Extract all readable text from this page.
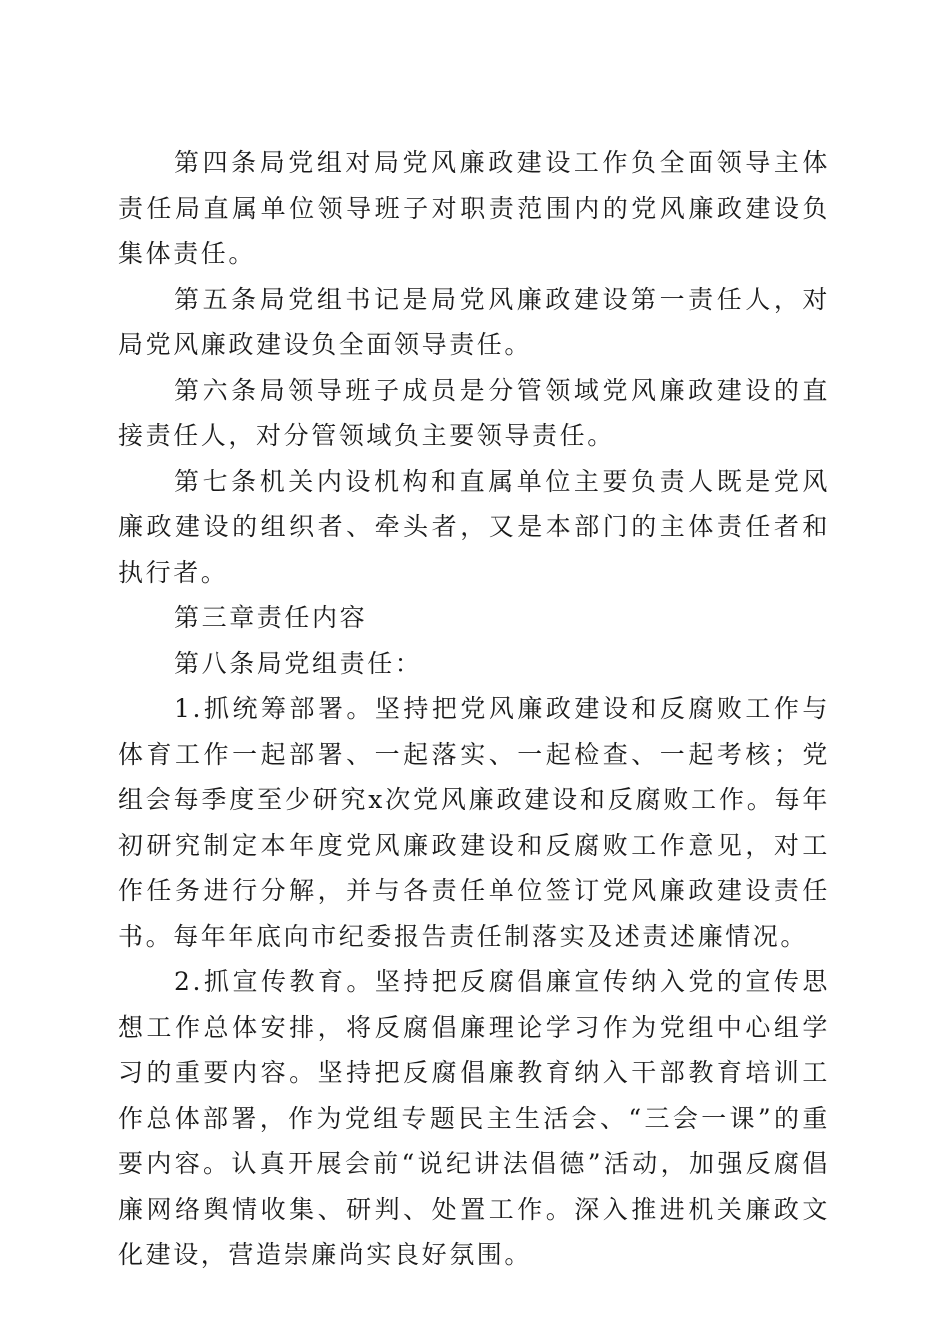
第四条局党组对局党风廉政建设工作负全面领导主体责任局直属单位领导班子对职责范围内的党风廉政建设负集体责任。

第五条局党组书记是局党风廉政建设第一责任人，对局党风廉政建设负全面领导责任。

第六条局领导班子成员是分管领域党风廉政建设的直接责任人，对分管领域负主要领导责任。

第七条机关内设机构和直属单位主要负责人既是党风廉政建设的组织者、牵头者，又是本部门的主体责任者和执行者。

第三章责任内容

第八条局党组责任：

1.抓统筹部署。坚持把党风廉政建设和反腐败工作与体育工作一起部署、一起落实、一起检查、一起考核；党组会每季度至少研究x次党风廉政建设和反腐败工作。每年初研究制定本年度党风廉政建设和反腐败工作意见，对工作任务进行分解，并与各责任单位签订党风廉政建设责任书。每年年底向市纪委报告责任制落实及述责述廉情况。

2.抓宣传教育。坚持把反腐倡廉宣传纳入党的宣传思想工作总体安排，将反腐倡廉理论学习作为党组中心组学习的重要内容。坚持把反腐倡廉教育纳入干部教育培训工作总体部署，作为党组专题民主生活会、“三会一课”的重要内容。认真开展会前“说纪讲法倡德”活动，加强反腐倡廉网络舆情收集、研判、处置工作。深入推进机关廉政文化建设，营造崇廉尚实良好氛围。
